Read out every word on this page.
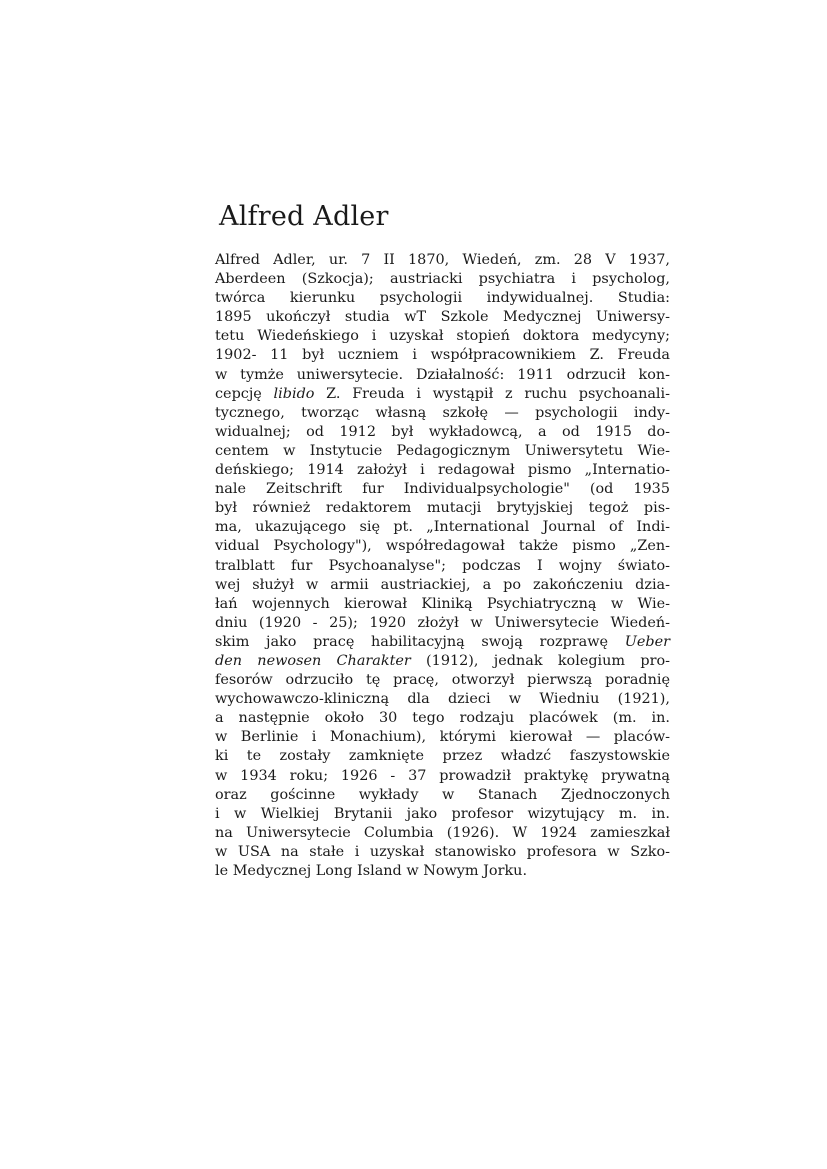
Alfred Adler
Alfred Adler, ur. 7 II 1870, Wiedeń, zm. 28 V 1937,
Aberdeen (Szkocja); austriacki psychiatra i psycholog,
twórca kierunku psychologii indywidualnej. Studia:
1895 ukończył studia wT Szkole Medycznej Uniwersy-
tetu Wiedeńskiego i uzyskał stopień doktora medycyny;
1902- 11 był uczniem i współpracownikiem Z. Freuda
w tymże uniwersytecie. Działalność: 1911 odrzucił kon-
cepcję libido Z. Freuda i wystąpił z ruchu psychoanali-
tycznego, tworząc własną szkołę — psychologii indy-
widualnej; od 1912 był wykładowcą, a od 1915 do-
centem w Instytucie Pedagogicznym Uniwersytetu Wie-
deńskiego; 1914 założył i redagował pismo „Internatio-
nale Zeitschrift fur Individualpsychologie" (od 1935
był również redaktorem mutacji brytyjskiej tegoż pis-
ma, ukazującego się pt. „International Journal of Indi-
vidual Psychology"), współredagował także pismo „Zen-
tralblatt fur Psychoanalyse"; podczas I wojny świato-
wej służył w armii austriackiej, a po zakończeniu dzia-
łań wojennych kierował Kliniką Psychiatryczną w Wie-
dniu (1920 - 25); 1920 złożył w Uniwersytecie Wiedeń-
skim jako pracę habilitacyjną swoją rozprawę Ueber
den newosen Charakter (1912), jednak kolegium pro-
fesorów odrzuciło tę pracę, otworzył pierwszą poradnię
wychowawczo-kliniczną dla dzieci w Wiedniu (1921),
a następnie około 30 tego rodzaju placówek (m. in.
w Berlinie i Monachium), którymi kierował — placów-
ki te zostały zamknięte przez władzć faszystowskie
w 1934 roku; 1926 - 37 prowadził praktykę prywatną
oraz gościnne wykłady w Stanach Zjednoczonych
i w Wielkiej Brytanii jako profesor wizytujący m. in.
na Uniwersytecie Columbia (1926). W 1924 zamieszkał
w USA na stałe i uzyskał stanowisko profesora w Szko-
le Medycznej Long Island w Nowym Jorku.
